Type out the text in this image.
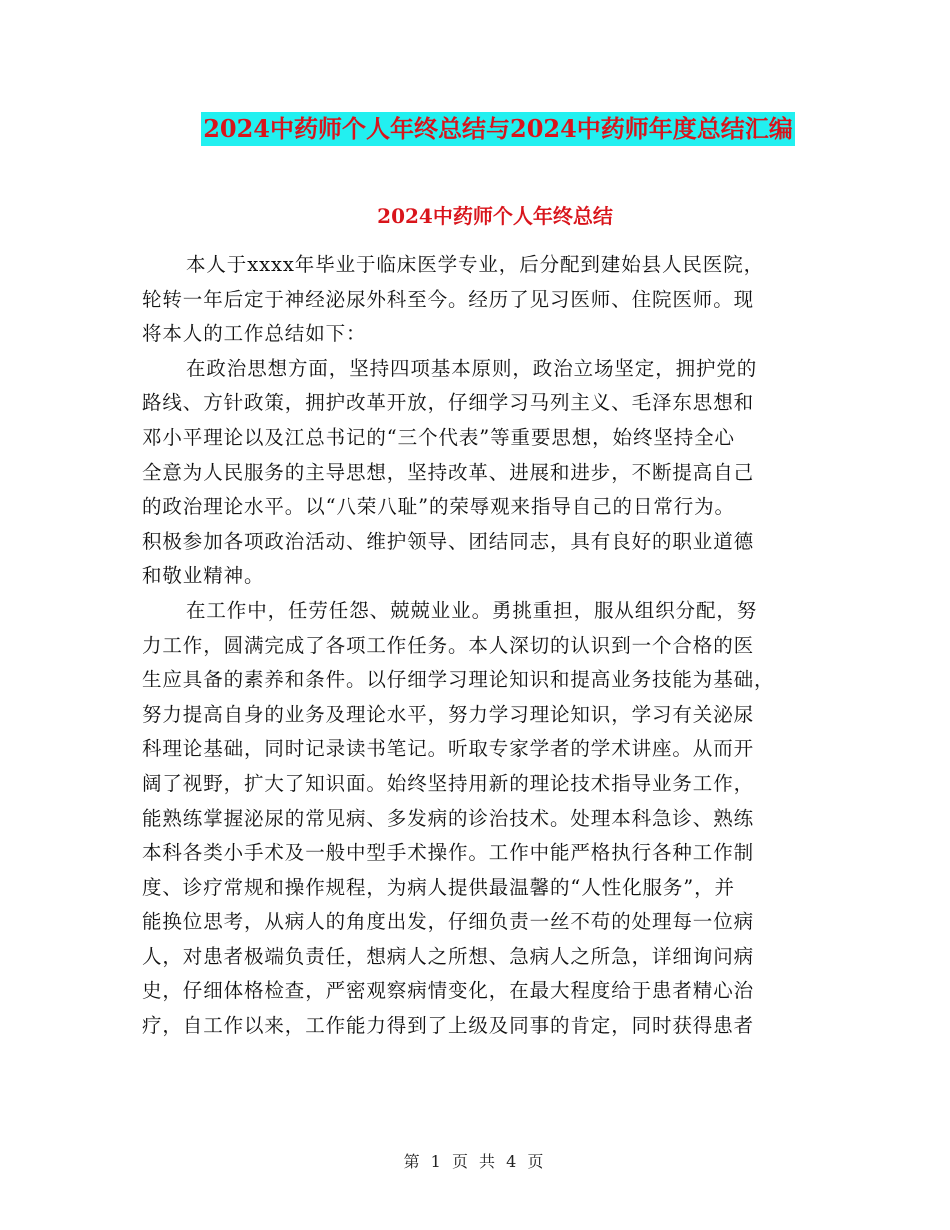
2024中药师个人年终总结与2024中药师年度总结汇编
2024中药师个人年终总结
本人于xxxx年毕业于临床医学专业，后分配到建始县人民医院，
轮转一年后定于神经泌尿外科至今。经历了见习医师、住院医师。现
将本人的工作总结如下：
在政治思想方面，坚持四项基本原则，政治立场坚定，拥护党的
路线、方针政策，拥护改革开放，仔细学习马列主义、毛泽东思想和
邓小平理论以及江总书记的“三个代表”等重要思想，始终坚持全心
全意为人民服务的主导思想，坚持改革、进展和进步，不断提高自己
的政治理论水平。以“八荣八耻”的荣辱观来指导自己的日常行为。
积极参加各项政治活动、维护领导、团结同志，具有良好的职业道德
和敬业精神。
在工作中，任劳任怨、兢兢业业。勇挑重担，服从组织分配，努
力工作，圆满完成了各项工作任务。本人深切的认识到一个合格的医
生应具备的素养和条件。以仔细学习理论知识和提高业务技能为基础，
努力提高自身的业务及理论水平，努力学习理论知识，学习有关泌尿
科理论基础，同时记录读书笔记。听取专家学者的学术讲座。从而开
阔了视野，扩大了知识面。始终坚持用新的理论技术指导业务工作，
能熟练掌握泌尿的常见病、多发病的诊治技术。处理本科急诊、熟练
本科各类小手术及一般中型手术操作。工作中能严格执行各种工作制
度、诊疗常规和操作规程，为病人提供最温馨的“人性化服务”，并
能换位思考，从病人的角度出发，仔细负责一丝不苟的处理每一位病
人，对患者极端负责任，想病人之所想、急病人之所急，详细询问病
史，仔细体格检查，严密观察病情变化，在最大程度给于患者精心治
疗，自工作以来，工作能力得到了上级及同事的肯定，同时获得患者
第 1 页 共 4 页
